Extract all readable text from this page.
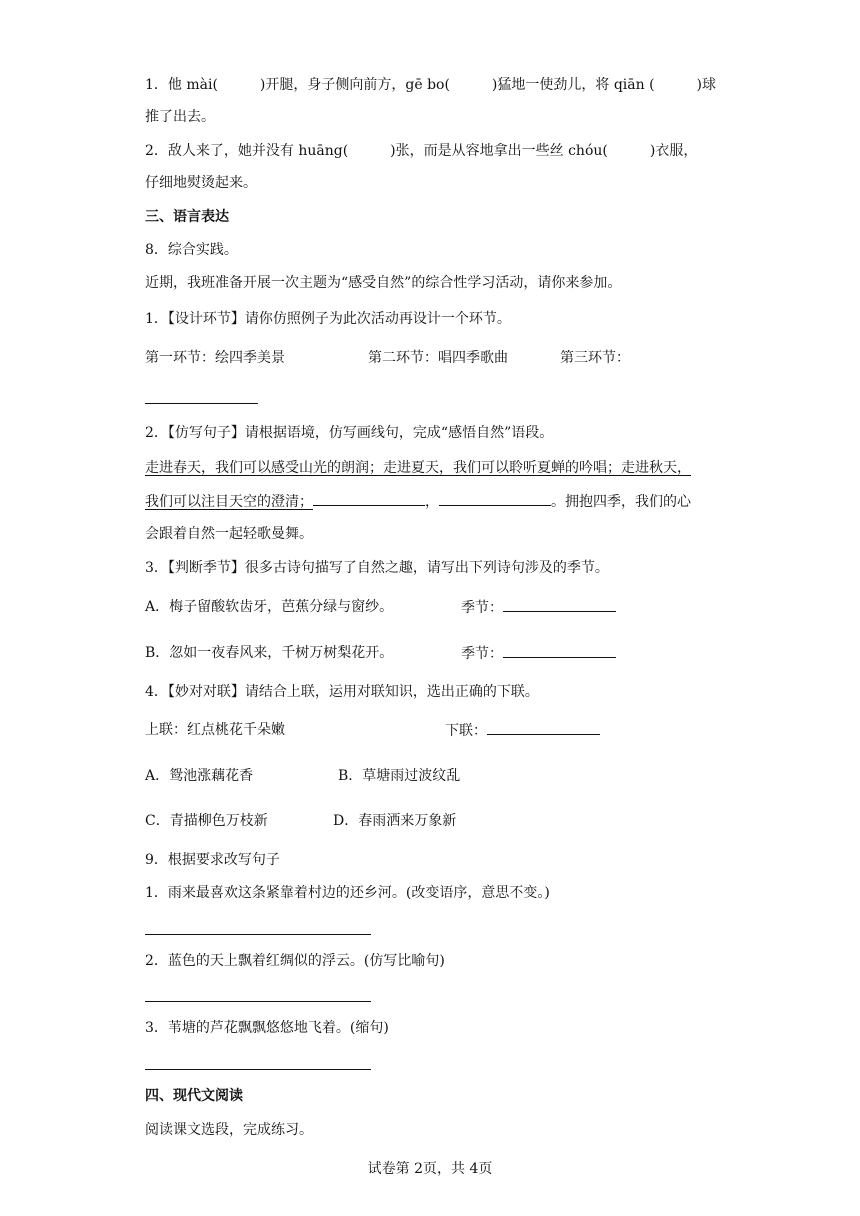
1．他 mài(　　　)开腿，身子侧向前方，gē bo(　　　)猛地一使劲儿，将 qiān (　　　)球
推了出去。
2．敌人来了，她并没有 huāng(　　　)张，而是从容地拿出一些丝 chóu(　　　)衣服，
仔细地熨烫起来。
三、语言表达
8．综合实践。
近期，我班准备开展一次主题为“感受自然”的综合性学习活动，请你来参加。
1．【设计环节】请你仿照例子为此次活动再设计一个环节。
第一环节：绘四季美景	第二环节：唱四季歌曲	第三环节：
2．【仿写句子】请根据语境，仿写画线句，完成“感悟自然”语段。
走进春天，我们可以感受山光的朗润；走进夏天，我们可以聆听夏蝉的吟唱；走进秋天，
我们可以注目天空的澄清；	，	。拥抱四季，我们的心
会跟着自然一起轻歌曼舞。
3．【判断季节】很多古诗句描写了自然之趣，请写出下列诗句涉及的季节。
A．梅子留酸软齿牙，芭蕉分绿与窗纱。	季节：
B．忽如一夜春风来，千树万树梨花开。	季节：
4．【妙对对联】请结合上联，运用对联知识，选出正确的下联。
上联：红点桃花千朵嫩	下联：
A．鸳池涨藕花香	B．草塘雨过波纹乱
C．青描柳色万枝新	D．春雨洒来万象新
9．根据要求改写句子
1．雨来最喜欢这条紧靠着村边的还乡河。(改变语序，意思不变。)
2．蓝色的天上飘着红绸似的浮云。(仿写比喻句)
3．苇塘的芦花飘飘悠悠地飞着。(缩句)
四、现代文阅读
阅读课文选段，完成练习。
试卷第 2页，共 4页
